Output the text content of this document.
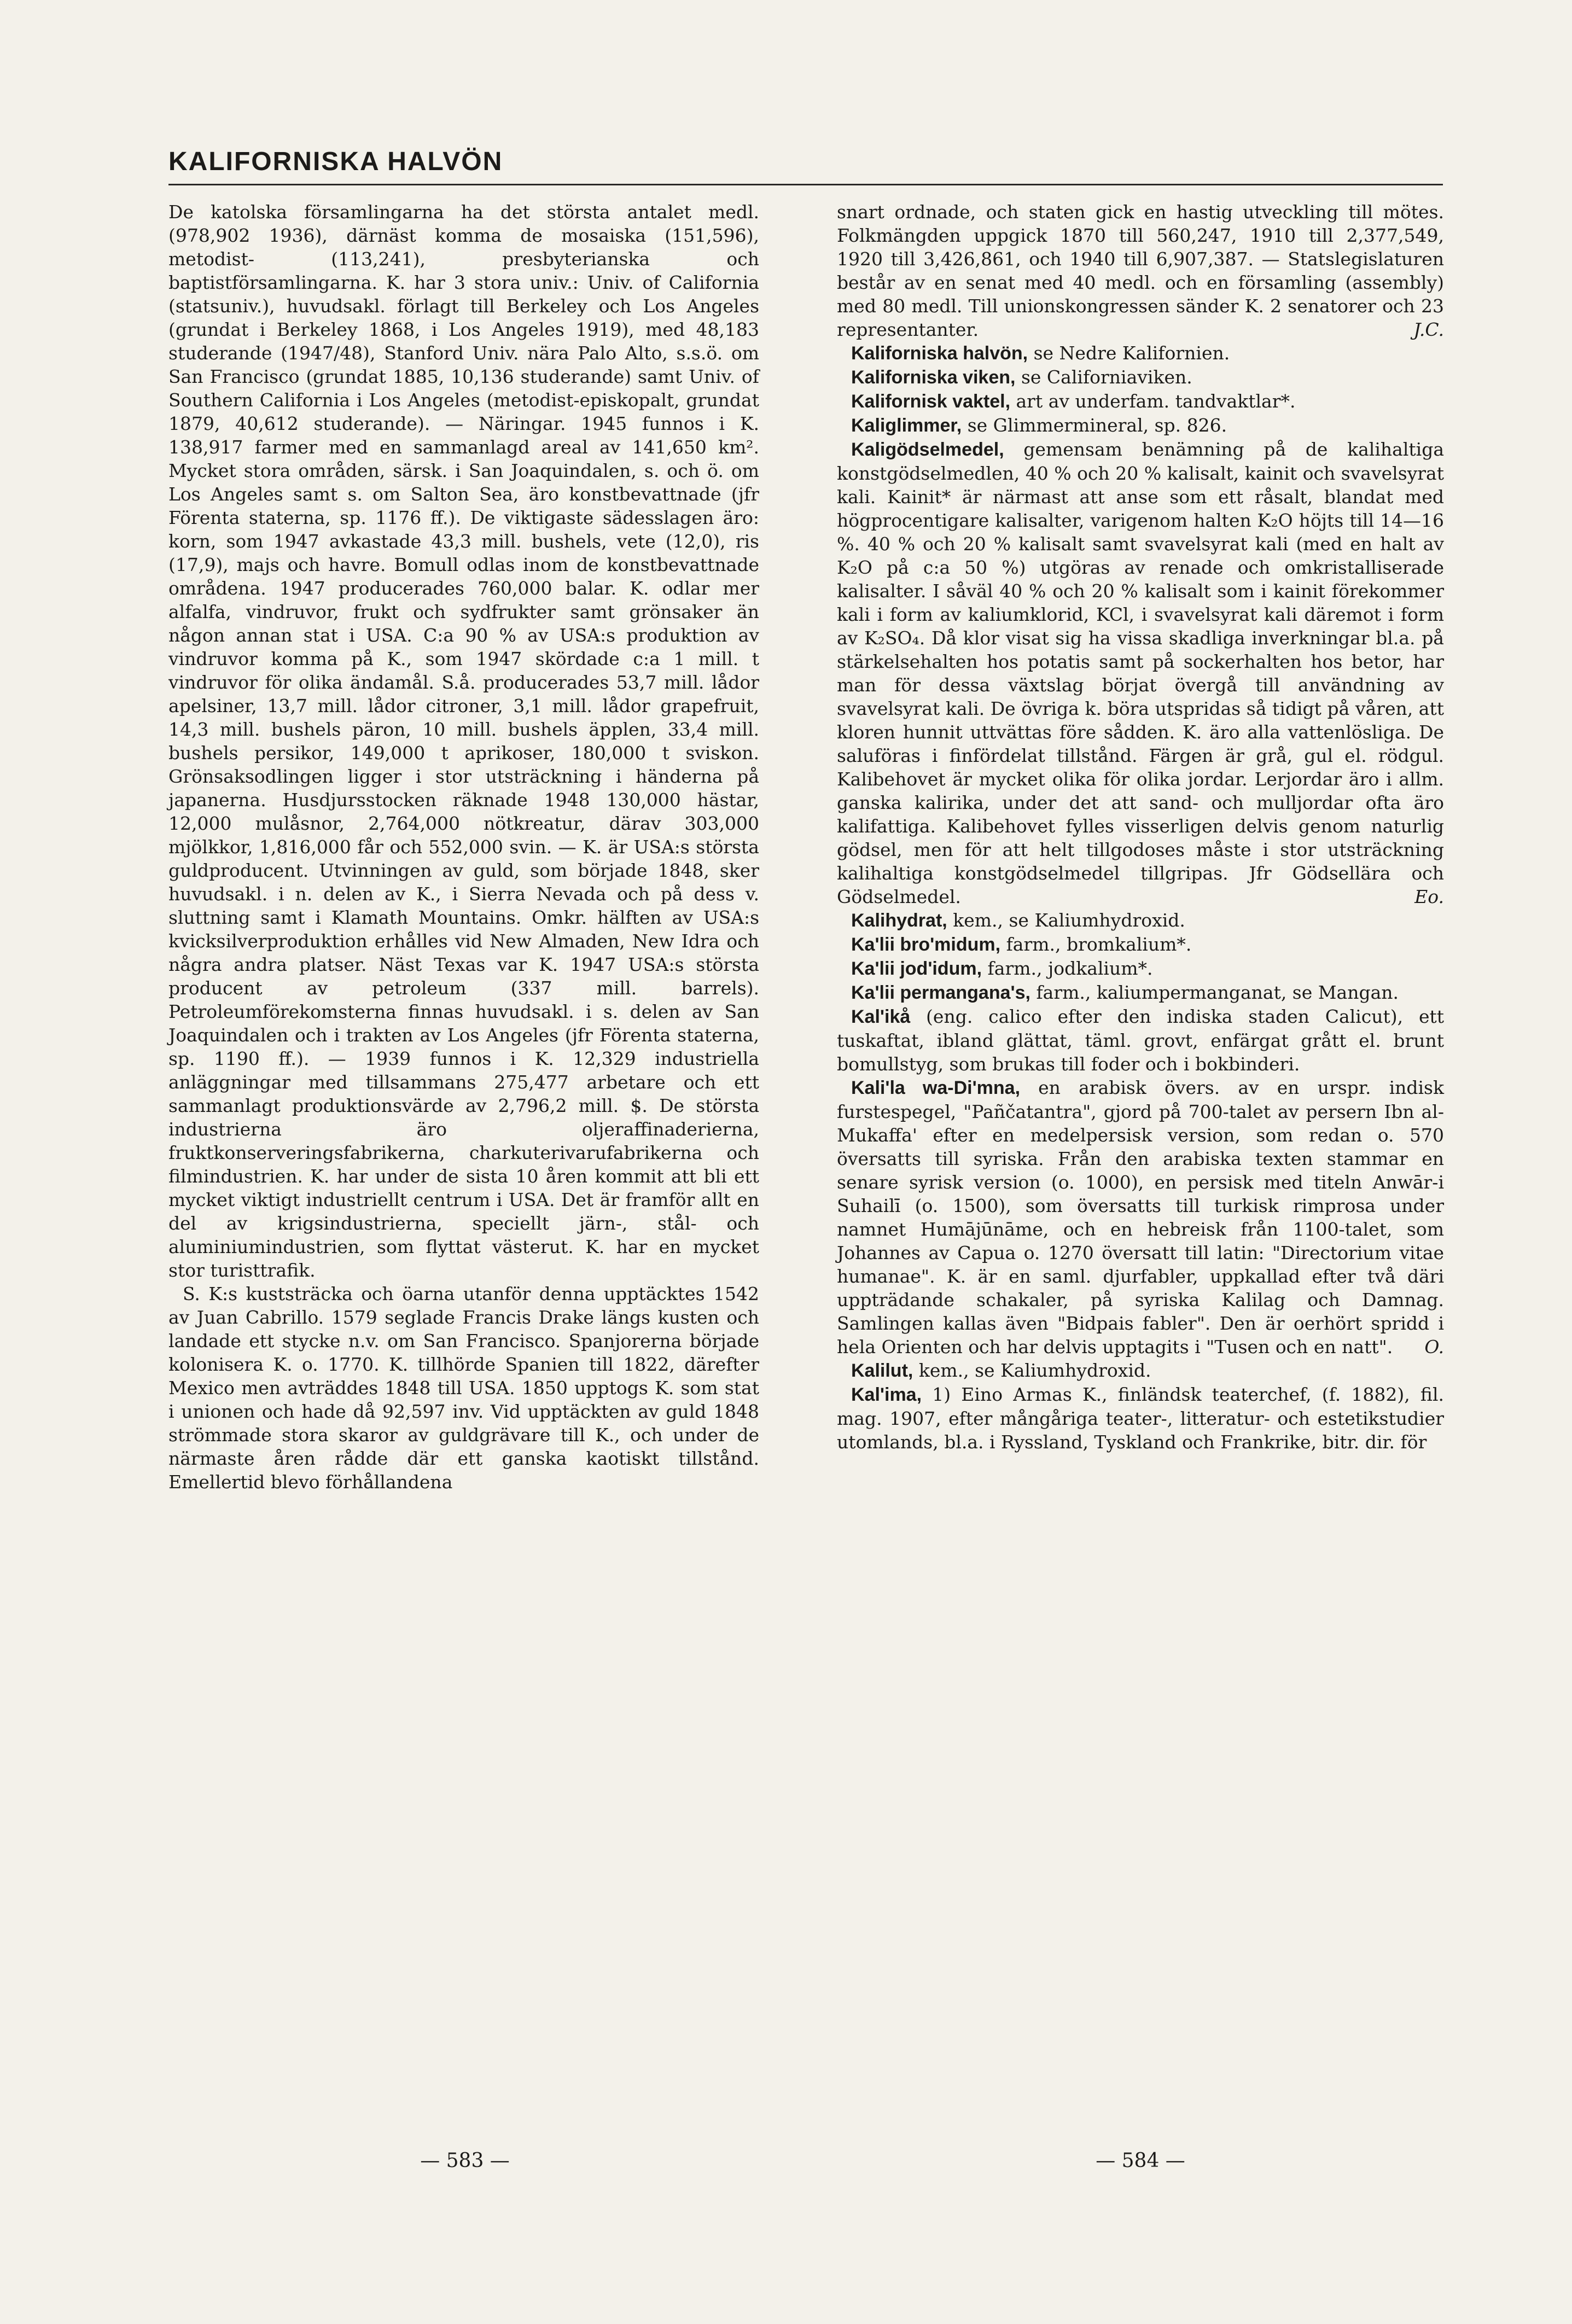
KALIFORNISKA HALVÖN

De katolska församlingarna ha det största antalet medl. (978,902 1936), därnäst komma de mosaiska (151,596), metodist- (113,241), presbyterianska och baptistförsamlingarna. K. har 3 stora univ.: Univ. of California (statsuniv.), huvudsakl. förlagt till Berkeley och Los Angeles (grundat i Berkeley 1868, i Los Angeles 1919), med 48,183 studerande (1947/48), Stanford Univ. nära Palo Alto, s.s.ö. om San Francisco (grundat 1885, 10,136 studerande) samt Univ. of Southern California i Los Angeles (metodist-episkopalt, grundat 1879, 40,612 studerande). — Näringar. 1945 funnos i K. 138,917 farmer med en sammanlagd areal av 141,650 km². Mycket stora områden, särsk. i San Joaquindalen, s. och ö. om Los Angeles samt s. om Salton Sea, äro konstbevattnade (jfr Förenta staterna, sp. 1176 ff.). De viktigaste sädesslagen äro: korn, som 1947 avkastade 43,3 mill. bushels, vete (12,0), ris (17,9), majs och havre. Bomull odlas inom de konstbevattnade områdena. 1947 producerades 760,000 balar. K. odlar mer alfalfa, vindruvor, frukt och sydfrukter samt grönsaker än någon annan stat i USA. C:a 90 % av USA:s produktion av vindruvor komma på K., som 1947 skördade c:a 1 mill. t vindruvor för olika ändamål. S.å. producerades 53,7 mill. lådor apelsiner, 13,7 mill. lådor citroner, 3,1 mill. lådor grapefruit, 14,3 mill. bushels päron, 10 mill. bushels äpplen, 33,4 mill. bushels persikor, 149,000 t aprikoser, 180,000 t sviskon. Grönsaksodlingen ligger i stor utsträckning i händerna på japanerna. Husdjursstocken räknade 1948 130,000 hästar, 12,000 mulåsnor, 2,764,000 nötkreatur, därav 303,000 mjölkkor, 1,816,000 får och 552,000 svin. — K. är USA:s största guldproducent. Utvinningen av guld, som började 1848, sker huvudsakl. i n. delen av K., i Sierra Nevada och på dess v. sluttning samt i Klamath Mountains. Omkr. hälften av USA:s kvicksilverproduktion erhålles vid New Almaden, New Idra och några andra platser. Näst Texas var K. 1947 USA:s största producent av petroleum (337 mill. barrels). Petroleumförekomsterna finnas huvudsakl. i s. delen av San Joaquindalen och i trakten av Los Angeles (jfr Förenta staterna, sp. 1190 ff.). — 1939 funnos i K. 12,329 industriella anläggningar med tillsammans 275,477 arbetare och ett sammanlagt produktionsvärde av 2,796,2 mill. $. De största industrierna äro oljeraffinaderierna, fruktkonserveringsfabrikerna, charkuterivarufabrikerna och filmindustrien. K. har under de sista 10 åren kommit att bli ett mycket viktigt industriellt centrum i USA. Det är framför allt en del av krigsindustrierna, speciellt järn-, stål- och aluminiumindustrien, som flyttat västerut. K. har en mycket stor turisttrafik.

S. K:s kuststräcka och öarna utanför denna upptäcktes 1542 av Juan Cabrillo. 1579 seglade Francis Drake längs kusten och landade ett stycke n.v. om San Francisco. Spanjorerna började kolonisera K. o. 1770. K. tillhörde Spanien till 1822, därefter Mexico men avträddes 1848 till USA. 1850 upptogs K. som stat i unionen och hade då 92,597 inv. Vid upptäckten av guld 1848 strömmade stora skaror av guldgrävare till K., och under de närmaste åren rådde där ett ganska kaotiskt tillstånd. Emellertid blevo förhållandena

snart ordnade, och staten gick en hastig utveckling till mötes. Folkmängden uppgick 1870 till 560,247, 1910 till 2,377,549, 1920 till 3,426,861, och 1940 till 6,907,387. — Statslegislaturen består av en senat med 40 medl. och en församling (assembly) med 80 medl. Till unionskongressen sänder K. 2 senatorer och 23 representanter.	J.C.

Kaliforniska halvön, se Nedre Kalifornien.

Kaliforniska viken, se Californiaviken.

Kalifornisk vaktel, art av underfam. tandvaktlar*.

Kaliglimmer, se Glimmermineral, sp. 826.

Kaligödselmedel, gemensam benämning på de kalihaltiga konstgödselmedlen, 40 % och 20 % kalisalt, kainit och svavelsyrat kali. Kainit* är närmast att anse som ett råsalt, blandat med högprocentigare kalisalter, varigenom halten K₂O höjts till 14—16 %. 40 % och 20 % kalisalt samt svavelsyrat kali (med en halt av K₂O på c:a 50 %) utgöras av renade och omkristalliserade kalisalter. I såväl 40 % och 20 % kalisalt som i kainit förekommer kali i form av kaliumklorid, KCl, i svavelsyrat kali däremot i form av K₂SO₄. Då klor visat sig ha vissa skadliga inverkningar bl.a. på stärkelsehalten hos potatis samt på sockerhalten hos betor, har man för dessa växtslag börjat övergå till användning av svavelsyrat kali. De övriga k. böra utspridas så tidigt på våren, att kloren hunnit uttvättas före sådden. K. äro alla vattenlösliga. De saluföras i finfördelat tillstånd. Färgen är grå, gul el. rödgul. Kalibehovet är mycket olika för olika jordar. Lerjordar äro i allm. ganska kalirika, under det att sand- och mulljordar ofta äro kalifattiga. Kalibehovet fylles visserligen delvis genom naturlig gödsel, men för att helt tillgodoses måste i stor utsträckning kalihaltiga konstgödselmedel tillgripas. Jfr Gödsellära och Gödselmedel.	Eo.

Kalihydrat, kem., se Kaliumhydroxid.

Ka'lii bro'midum, farm., bromkalium*.

Ka'lii jod'idum, farm., jodkalium*.

Ka'lii permangana's, farm., kaliumpermanganat, se Mangan.

Kal'ikå (eng. calico efter den indiska staden Calicut), ett tuskaftat, ibland glättat, täml. grovt, enfärgat grått el. brunt bomullstyg, som brukas till foder och i bokbinderi.

Kali'la wa-Di'mna, en arabisk övers. av en urspr. indisk furstespegel, "Pañčatantra", gjord på 700-talet av persern Ibn al-Mukaffa' efter en medelpersisk version, som redan o. 570 översatts till syriska. Från den arabiska texten stammar en senare syrisk version (o. 1000), en persisk med titeln Anwār-i Suhailī (o. 1500), som översatts till turkisk rimprosa under namnet Humājūnāme, och en hebreisk från 1100-talet, som Johannes av Capua o. 1270 översatt till latin: "Directorium vitae humanae". K. är en saml. djurfabler, uppkallad efter två däri uppträdande schakaler, på syriska Kalilag och Damnag. Samlingen kallas även "Bidpais fabler". Den är oerhört spridd i hela Orienten och har delvis upptagits i "Tusen och en natt".	O.

Kalilut, kem., se Kaliumhydroxid.

Kal'ima, 1) Eino Armas K., finländsk teaterchef, (f. 1882), fil. mag. 1907, efter mångåriga teater-, litteratur- och estetikstudier utomlands, bl.a. i Ryssland, Tyskland och Frankrike, bitr. dir. för

— 583 —	— 584 —
